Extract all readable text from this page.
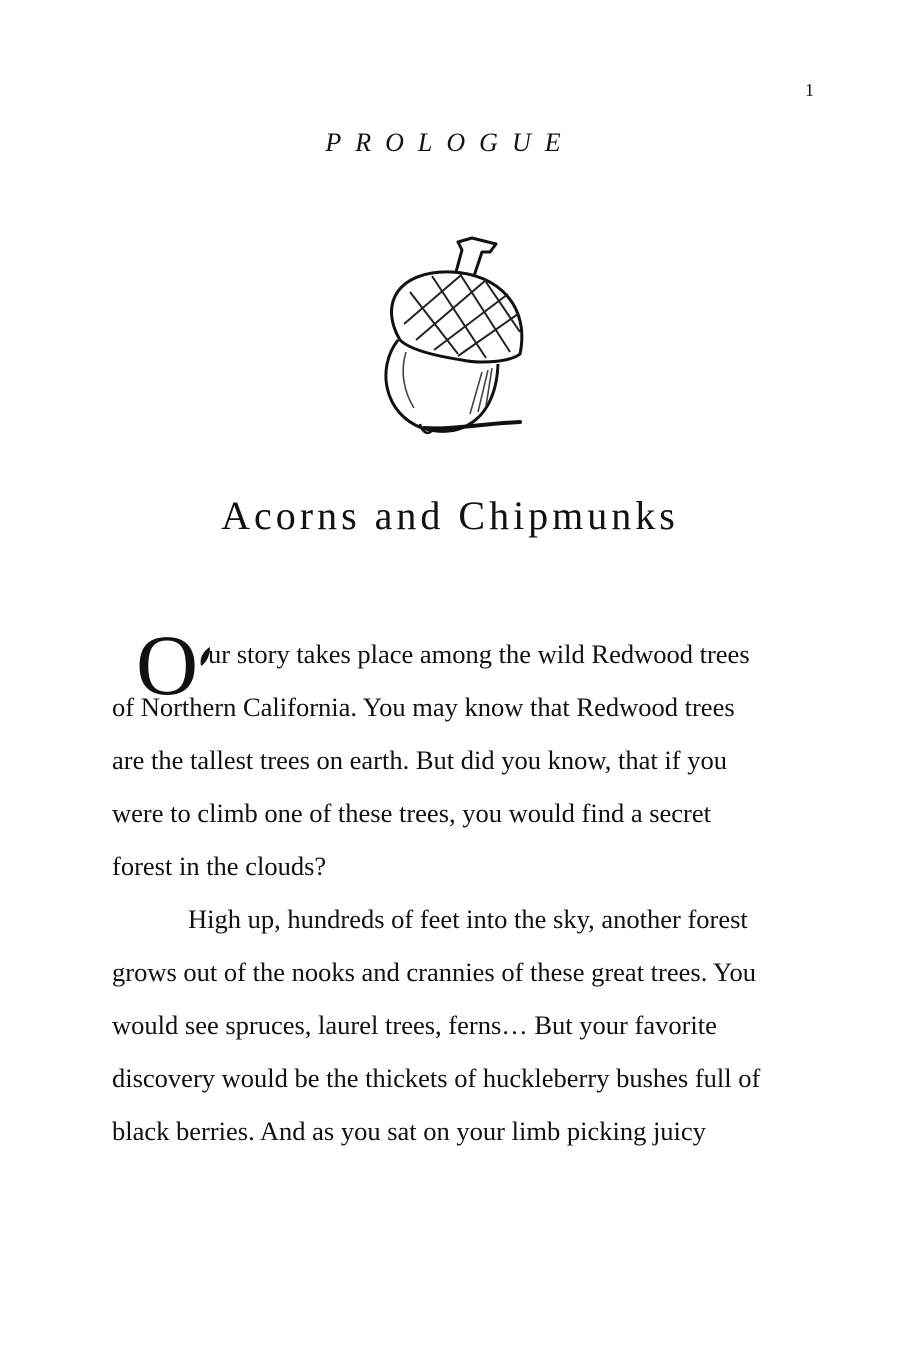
1
PROLOGUE
Acorns and Chipmunks
O ur story takes place among the wild Redwood trees
of Northern California. You may know that Redwood trees
are the tallest trees on earth. But did you know, that if you
were to climb one of these trees, you would find a secret
forest in the clouds?
High up, hundreds of feet into the sky, another forest
grows out of the nooks and crannies of these great trees. You
would see spruces, laurel trees, ferns… But your favorite
discovery would be the thickets of huckleberry bushes full of
black berries. And as you sat on your limb picking juicy
